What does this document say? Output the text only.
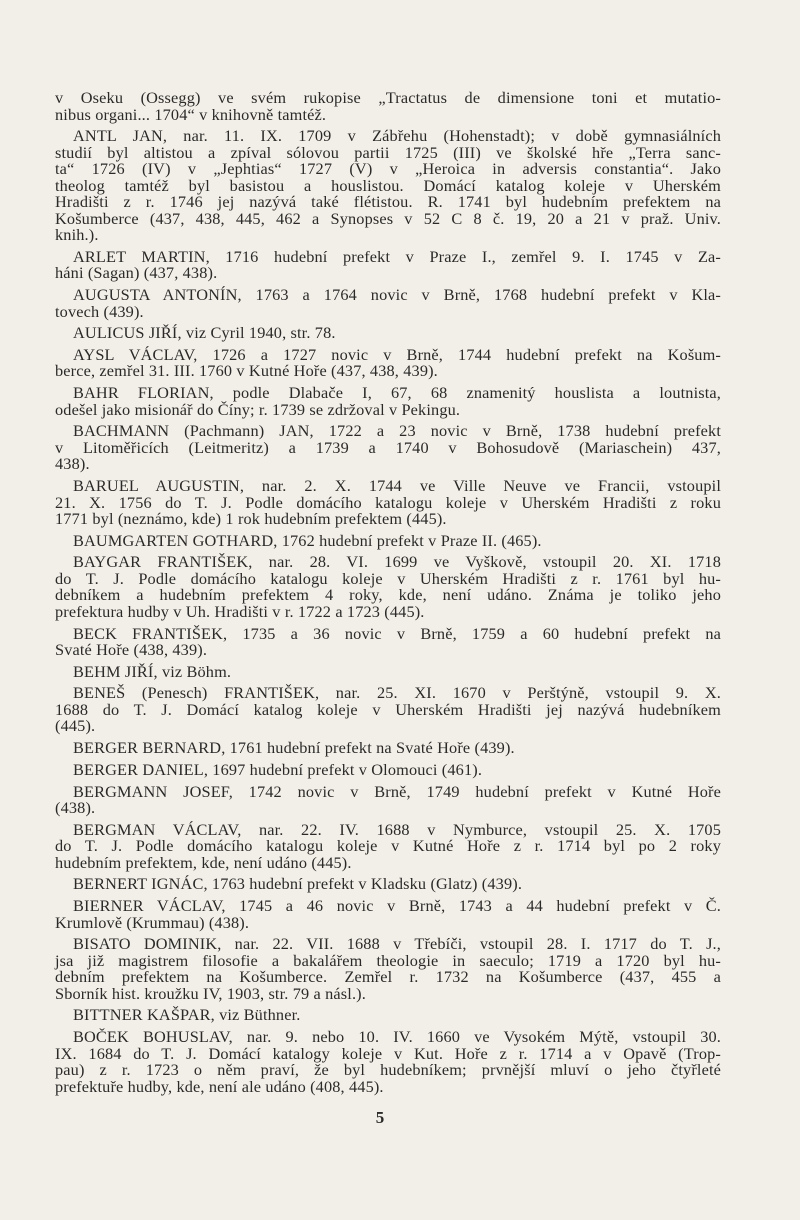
v Oseku (Ossegg) ve svém rukopise „Tractatus de dimensione toni et mutatio-
nibus organi... 1704“ v knihovně tamtéž.
ANTL JAN, nar. 11. IX. 1709 v Zábřehu (Hohenstadt); v době gymnasiálních
studií byl altistou a zpíval sólovou partii 1725 (III) ve školské hře „Terra sanc-
ta“ 1726 (IV) v „Jephtias“ 1727 (V) v „Heroica in adversis constantia“. Jako
theolog tamtéž byl basistou a houslistou. Domácí katalog koleje v Uherském
Hradišti z r. 1746 jej nazývá také flétistou. R. 1741 byl hudebním prefektem na
Košumberce (437, 438, 445, 462 a Synopses v 52 C 8 č. 19, 20 a 21 v praž. Univ.
knih.).
ARLET MARTIN, 1716 hudební prefekt v Praze I., zemřel 9. I. 1745 v Za-
háni (Sagan) (437, 438).
AUGUSTA ANTONÍN, 1763 a 1764 novic v Brně, 1768 hudební prefekt v Kla-
tovech (439).
AULICUS JIŘÍ, viz Cyril 1940, str. 78.
AYSL VÁCLAV, 1726 a 1727 novic v Brně, 1744 hudební prefekt na Košum-
berce, zemřel 31. III. 1760 v Kutné Hoře (437, 438, 439).
BAHR FLORIAN, podle Dlabače I, 67, 68 znamenitý houslista a loutnista,
odešel jako misionář do Číny; r. 1739 se zdržoval v Pekingu.
BACHMANN (Pachmann) JAN, 1722 a 23 novic v Brně, 1738 hudební prefekt
v Litoměřicích (Leitmeritz) a 1739 a 1740 v Bohosudově (Mariaschein) 437,
438).
BARUEL AUGUSTIN, nar. 2. X. 1744 ve Ville Neuve ve Francii, vstoupil
21. X. 1756 do T. J. Podle domácího katalogu koleje v Uherském Hradišti z roku
1771 byl (neznámo, kde) 1 rok hudebním prefektem (445).
BAUMGARTEN GOTHARD, 1762 hudební prefekt v Praze II. (465).
BAYGAR FRANTIŠEK, nar. 28. VI. 1699 ve Vyškově, vstoupil 20. XI. 1718
do T. J. Podle domácího katalogu koleje v Uherském Hradišti z r. 1761 byl hu-
debníkem a hudebním prefektem 4 roky, kde, není udáno. Známa je toliko jeho
prefektura hudby v Uh. Hradišti v r. 1722 a 1723 (445).
BECK FRANTIŠEK, 1735 a 36 novic v Brně, 1759 a 60 hudební prefekt na
Svaté Hoře (438, 439).
BEHM JIŘÍ, viz Böhm.
BENEŠ (Penesch) FRANTIŠEK, nar. 25. XI. 1670 v Perštýně, vstoupil 9. X.
1688 do T. J. Domácí katalog koleje v Uherském Hradišti jej nazývá hudebníkem
(445).
BERGER BERNARD, 1761 hudební prefekt na Svaté Hoře (439).
BERGER DANIEL, 1697 hudební prefekt v Olomouci (461).
BERGMANN JOSEF, 1742 novic v Brně, 1749 hudební prefekt v Kutné Hoře
(438).
BERGMAN VÁCLAV, nar. 22. IV. 1688 v Nymburce, vstoupil 25. X. 1705
do T. J. Podle domácího katalogu koleje v Kutné Hoře z r. 1714 byl po 2 roky
hudebním prefektem, kde, není udáno (445).
BERNERT IGNÁC, 1763 hudební prefekt v Kladsku (Glatz) (439).
BIERNER VÁCLAV, 1745 a 46 novic v Brně, 1743 a 44 hudební prefekt v Č.
Krumlově (Krummau) (438).
BISATO DOMINIK, nar. 22. VII. 1688 v Třebíči, vstoupil 28. I. 1717 do T. J.,
jsa již magistrem filosofie a bakalářem theologie in saeculo; 1719 a 1720 byl hu-
debním prefektem na Košumberce. Zemřel r. 1732 na Košumberce (437, 455 a
Sborník hist. kroužku IV, 1903, str. 79 a násl.).
BITTNER KAŠPAR, viz Büthner.
BOČEK BOHUSLAV, nar. 9. nebo 10. IV. 1660 ve Vysokém Mýtě, vstoupil 30.
IX. 1684 do T. J. Domácí katalogy koleje v Kut. Hoře z r. 1714 a v Opavě (Trop-
pau) z r. 1723 o něm praví, že byl hudebníkem; prvnější mluví o jeho čtyřleté
prefektuře hudby, kde, není ale udáno (408, 445).
5
